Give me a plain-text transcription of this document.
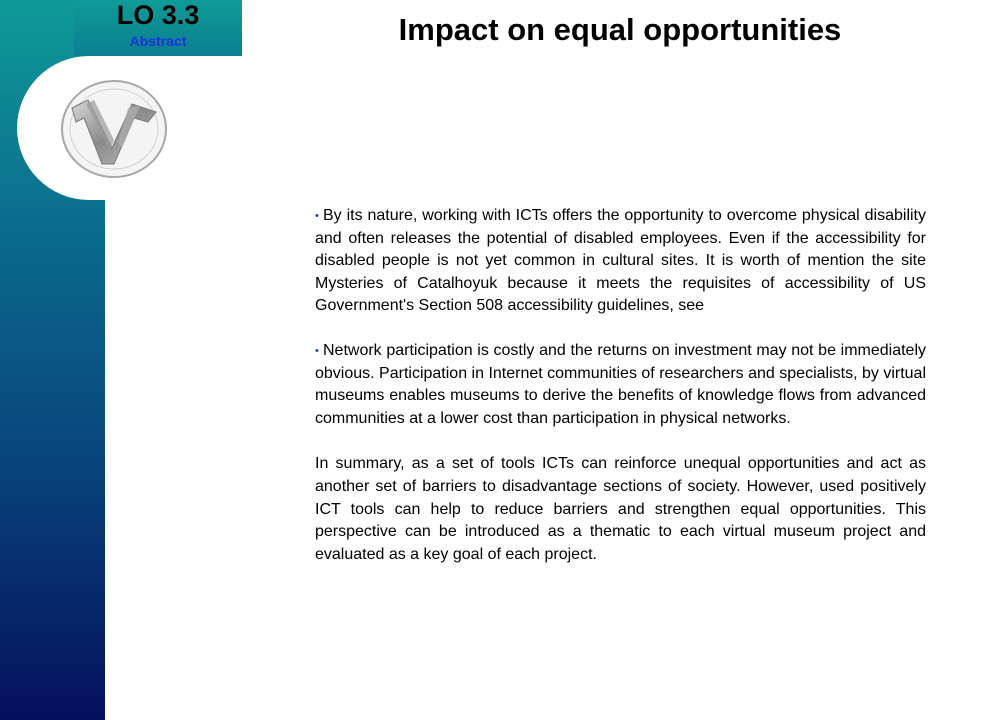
LO 3.3
Abstract	Impact on equal opportunities

• By its nature, working with ICTs offers the opportunity to overcome physical disability and often releases the potential of disabled employees. Even if the accessibility for disabled people is not yet common in cultural sites. It is worth of mention the site Mysteries of Catalhoyuk because it meets the requisites of accessibility of US Government's Section 508 accessibility guidelines, see

• Network participation is costly and the returns on investment may not be immediately obvious. Participation in Internet communities of researchers and specialists, by virtual museums enables museums to derive the benefits of knowledge flows from advanced communities at a lower cost than participation in physical networks.

In summary, as a set of tools ICTs can reinforce unequal opportunities and act as another set of barriers to disadvantage sections of society. However, used positively ICT tools can help to reduce barriers and strengthen equal opportunities. This perspective can be introduced as a thematic to each virtual museum project and evaluated as a key goal of each project.
